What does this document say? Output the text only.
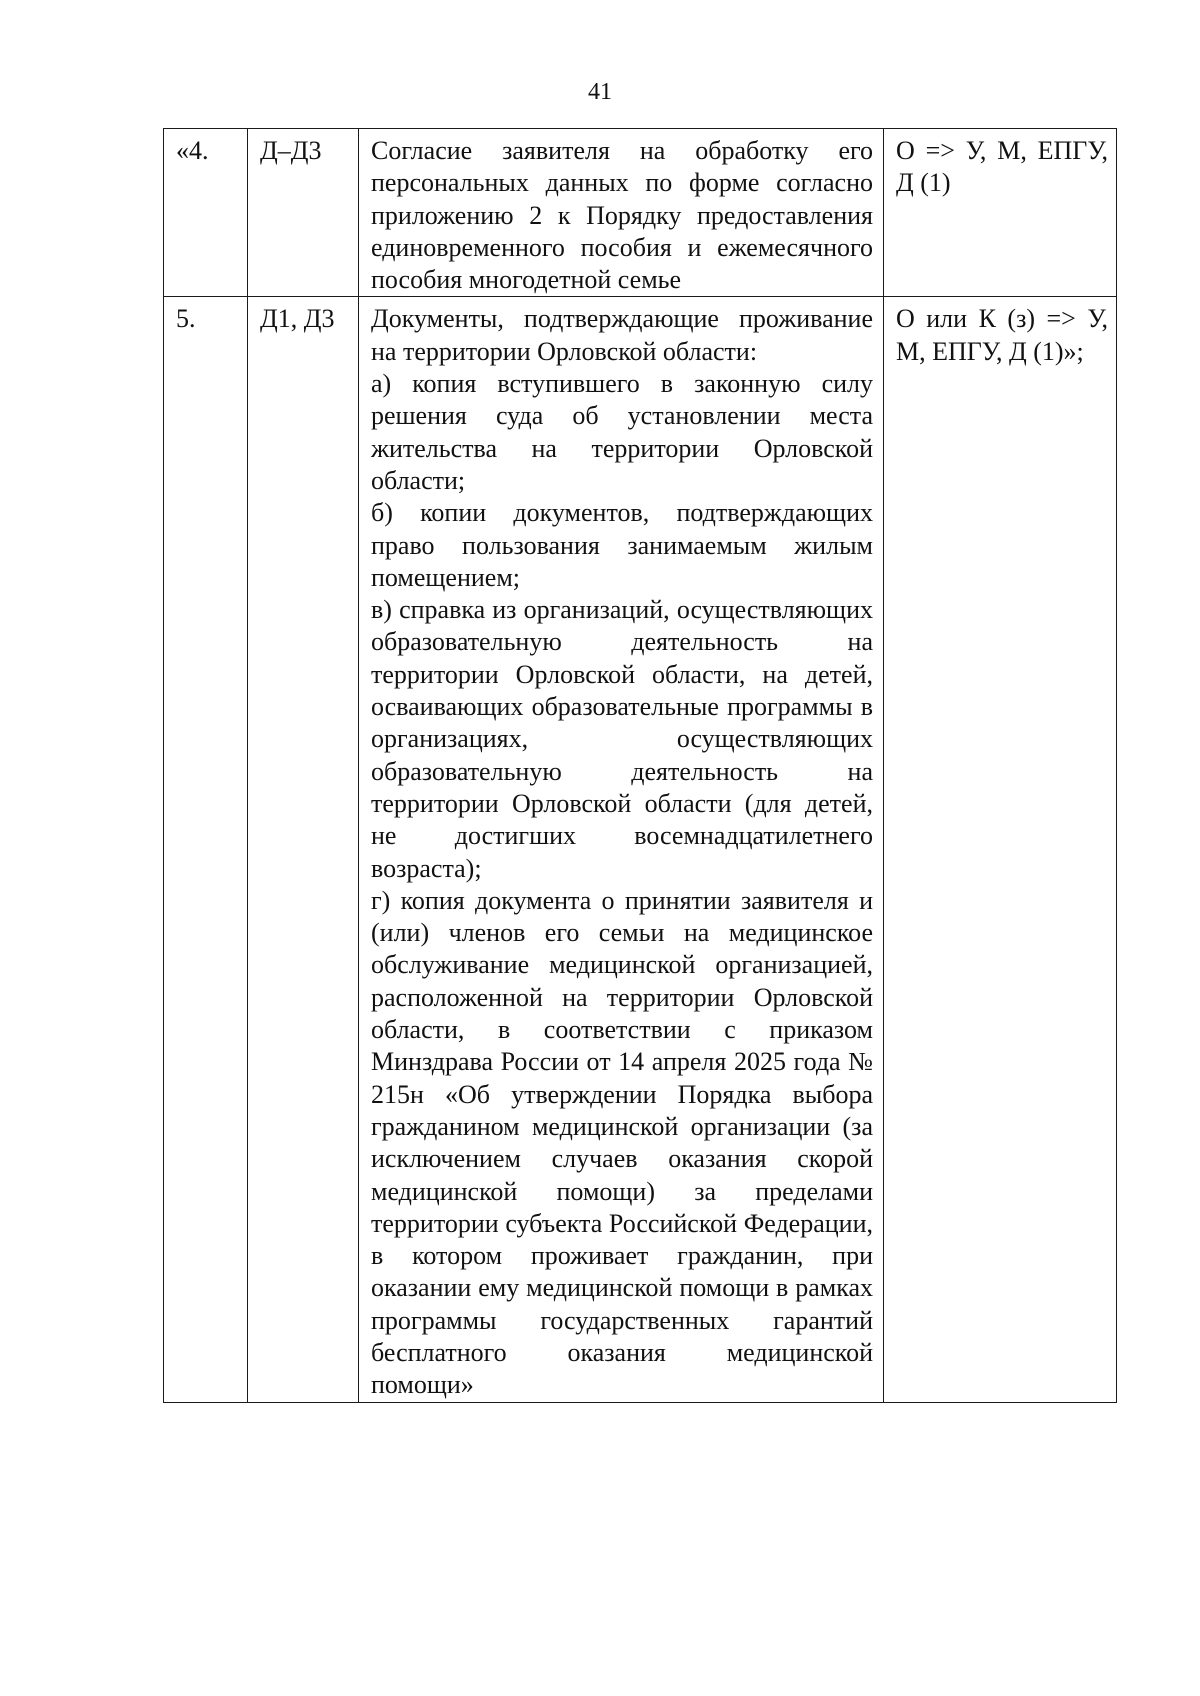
41
«4.	Д–Д3	Согласие заявителя на обработку его персональных данных по форме согласно приложению 2 к Порядку предоставления единовременного пособия и ежемесячного пособия многодетной семье	О => У, М, ЕПГУ, Д (1)
5.	Д1, Д3	Документы, подтверждающие проживание на территории Орловской области:
а) копия вступившего в законную силу решения суда об установлении места жительства на территории Орловской области;
б) копии документов, подтверждающих право пользования занимаемым жилым помещением;
в) справка из организаций, осуществляющих образовательную деятельность на территории Орловской области, на детей, осваивающих образовательные программы в организациях, осуществляющих образовательную деятельность на территории Орловской области (для детей, не достигших восемнадцатилетнего возраста);
г) копия документа о принятии заявителя и (или) членов его семьи на медицинское обслуживание медицинской организацией, расположенной на территории Орловской области, в соответствии с приказом Минздрава России от 14 апреля 2025 года № 215н «Об утверждении Порядка выбора гражданином медицинской организации (за исключением случаев оказания скорой медицинской помощи) за пределами территории субъекта Российской Федерации, в котором проживает гражданин, при оказании ему медицинской помощи в рамках программы государственных гарантий бесплатного оказания медицинской помощи»	О или К (з) => У, М, ЕПГУ, Д (1)»;
